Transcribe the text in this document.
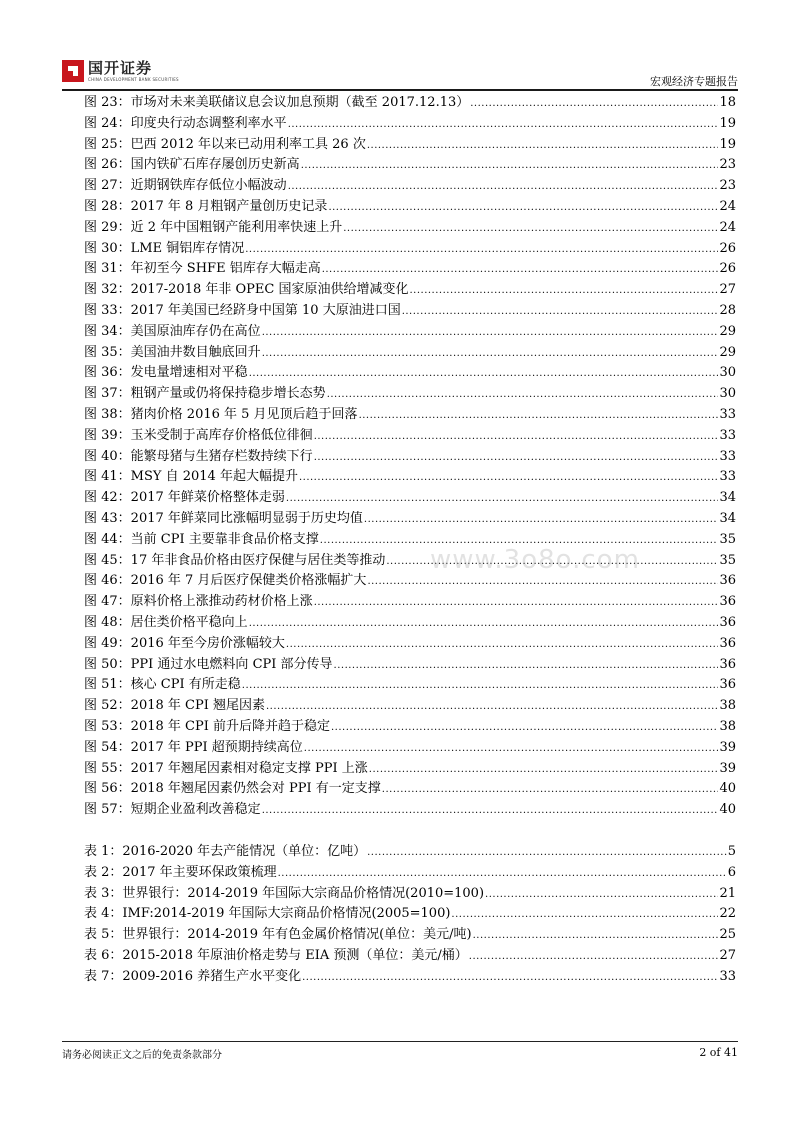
国开证券
CHINA DEVELOPMENT BANK SECURITIES	宏观经济专题报告
图 23：市场对未来美联储议息会议加息预期（截至 2017.12.13） .....	18
图 24：印度央行动态调整利率水平 .....	19
图 25：巴西 2012 年以来已动用利率工具 26 次 .....	19
图 26：国内铁矿石库存屡创历史新高 .....	23
图 27：近期钢铁库存低位小幅波动 .....	23
图 28：2017 年 8 月粗钢产量创历史记录 .....	24
图 29：近 2 年中国粗钢产能利用率快速上升 .....	24
图 30：LME 铜铝库存情况 .....	26
图 31：年初至今 SHFE 铝库存大幅走高 .....	26
图 32：2017-2018 年非 OPEC 国家原油供给增减变化 .....	27
图 33：2017 年美国已经跻身中国第 10 大原油进口国 .....	28
图 34：美国原油库存仍在高位 .....	29
图 35：美国油井数目触底回升 .....	29
图 36：发电量增速相对平稳 .....	30
图 37：粗钢产量或仍将保持稳步增长态势 .....	30
图 38：猪肉价格 2016 年 5 月见顶后趋于回落 .....	33
图 39：玉米受制于高库存价格低位徘徊 .....	33
图 40：能繁母猪与生猪存栏数持续下行 .....	33
图 41：MSY 自 2014 年起大幅提升 .....	33
图 42：2017 年鲜菜价格整体走弱 .....	34
图 43：2017 年鲜菜同比涨幅明显弱于历史均值 .....	34
图 44：当前 CPI 主要靠非食品价格支撑 .....	35
图 45：17 年非食品价格由医疗保健与居住类等推动 .....	35
图 46：2016 年 7 月后医疗保健类价格涨幅扩大 .....	36
图 47：原料价格上涨推动药材价格上涨 .....	36
图 48：居住类价格平稳向上 .....	36
图 49：2016 年至今房价涨幅较大 .....	36
图 50：PPI 通过水电燃料向 CPI 部分传导 .....	36
图 51：核心 CPI 有所走稳 .....	36
图 52：2018 年 CPI 翘尾因素 .....	38
图 53：2018 年 CPI 前升后降并趋于稳定 .....	38
图 54：2017 年 PPI 超预期持续高位 .....	39
图 55：2017 年翘尾因素相对稳定支撑 PPI 上涨 .....	39
图 56：2018 年翘尾因素仍然会对 PPI 有一定支撑 .....	40
图 57：短期企业盈利改善稳定 .....	40
表 1：2016-2020 年去产能情况（单位：亿吨） .....	5
表 2：2017 年主要环保政策梳理 .....	6
表 3：世界银行：2014-2019 年国际大宗商品价格情况(2010=100) .....	21
表 4：IMF:2014-2019 年国际大宗商品价格情况(2005=100) .....	22
表 5：世界银行：2014-2019 年有色金属价格情况(单位：美元/吨) .....	25
表 6：2015-2018 年原油价格走势与 EIA 预测（单位：美元/桶） .....	27
表 7：2009-2016 养猪生产水平变化 .....	33
www.3o8o.com
请务必阅读正文之后的免责条款部分	2 of 41
